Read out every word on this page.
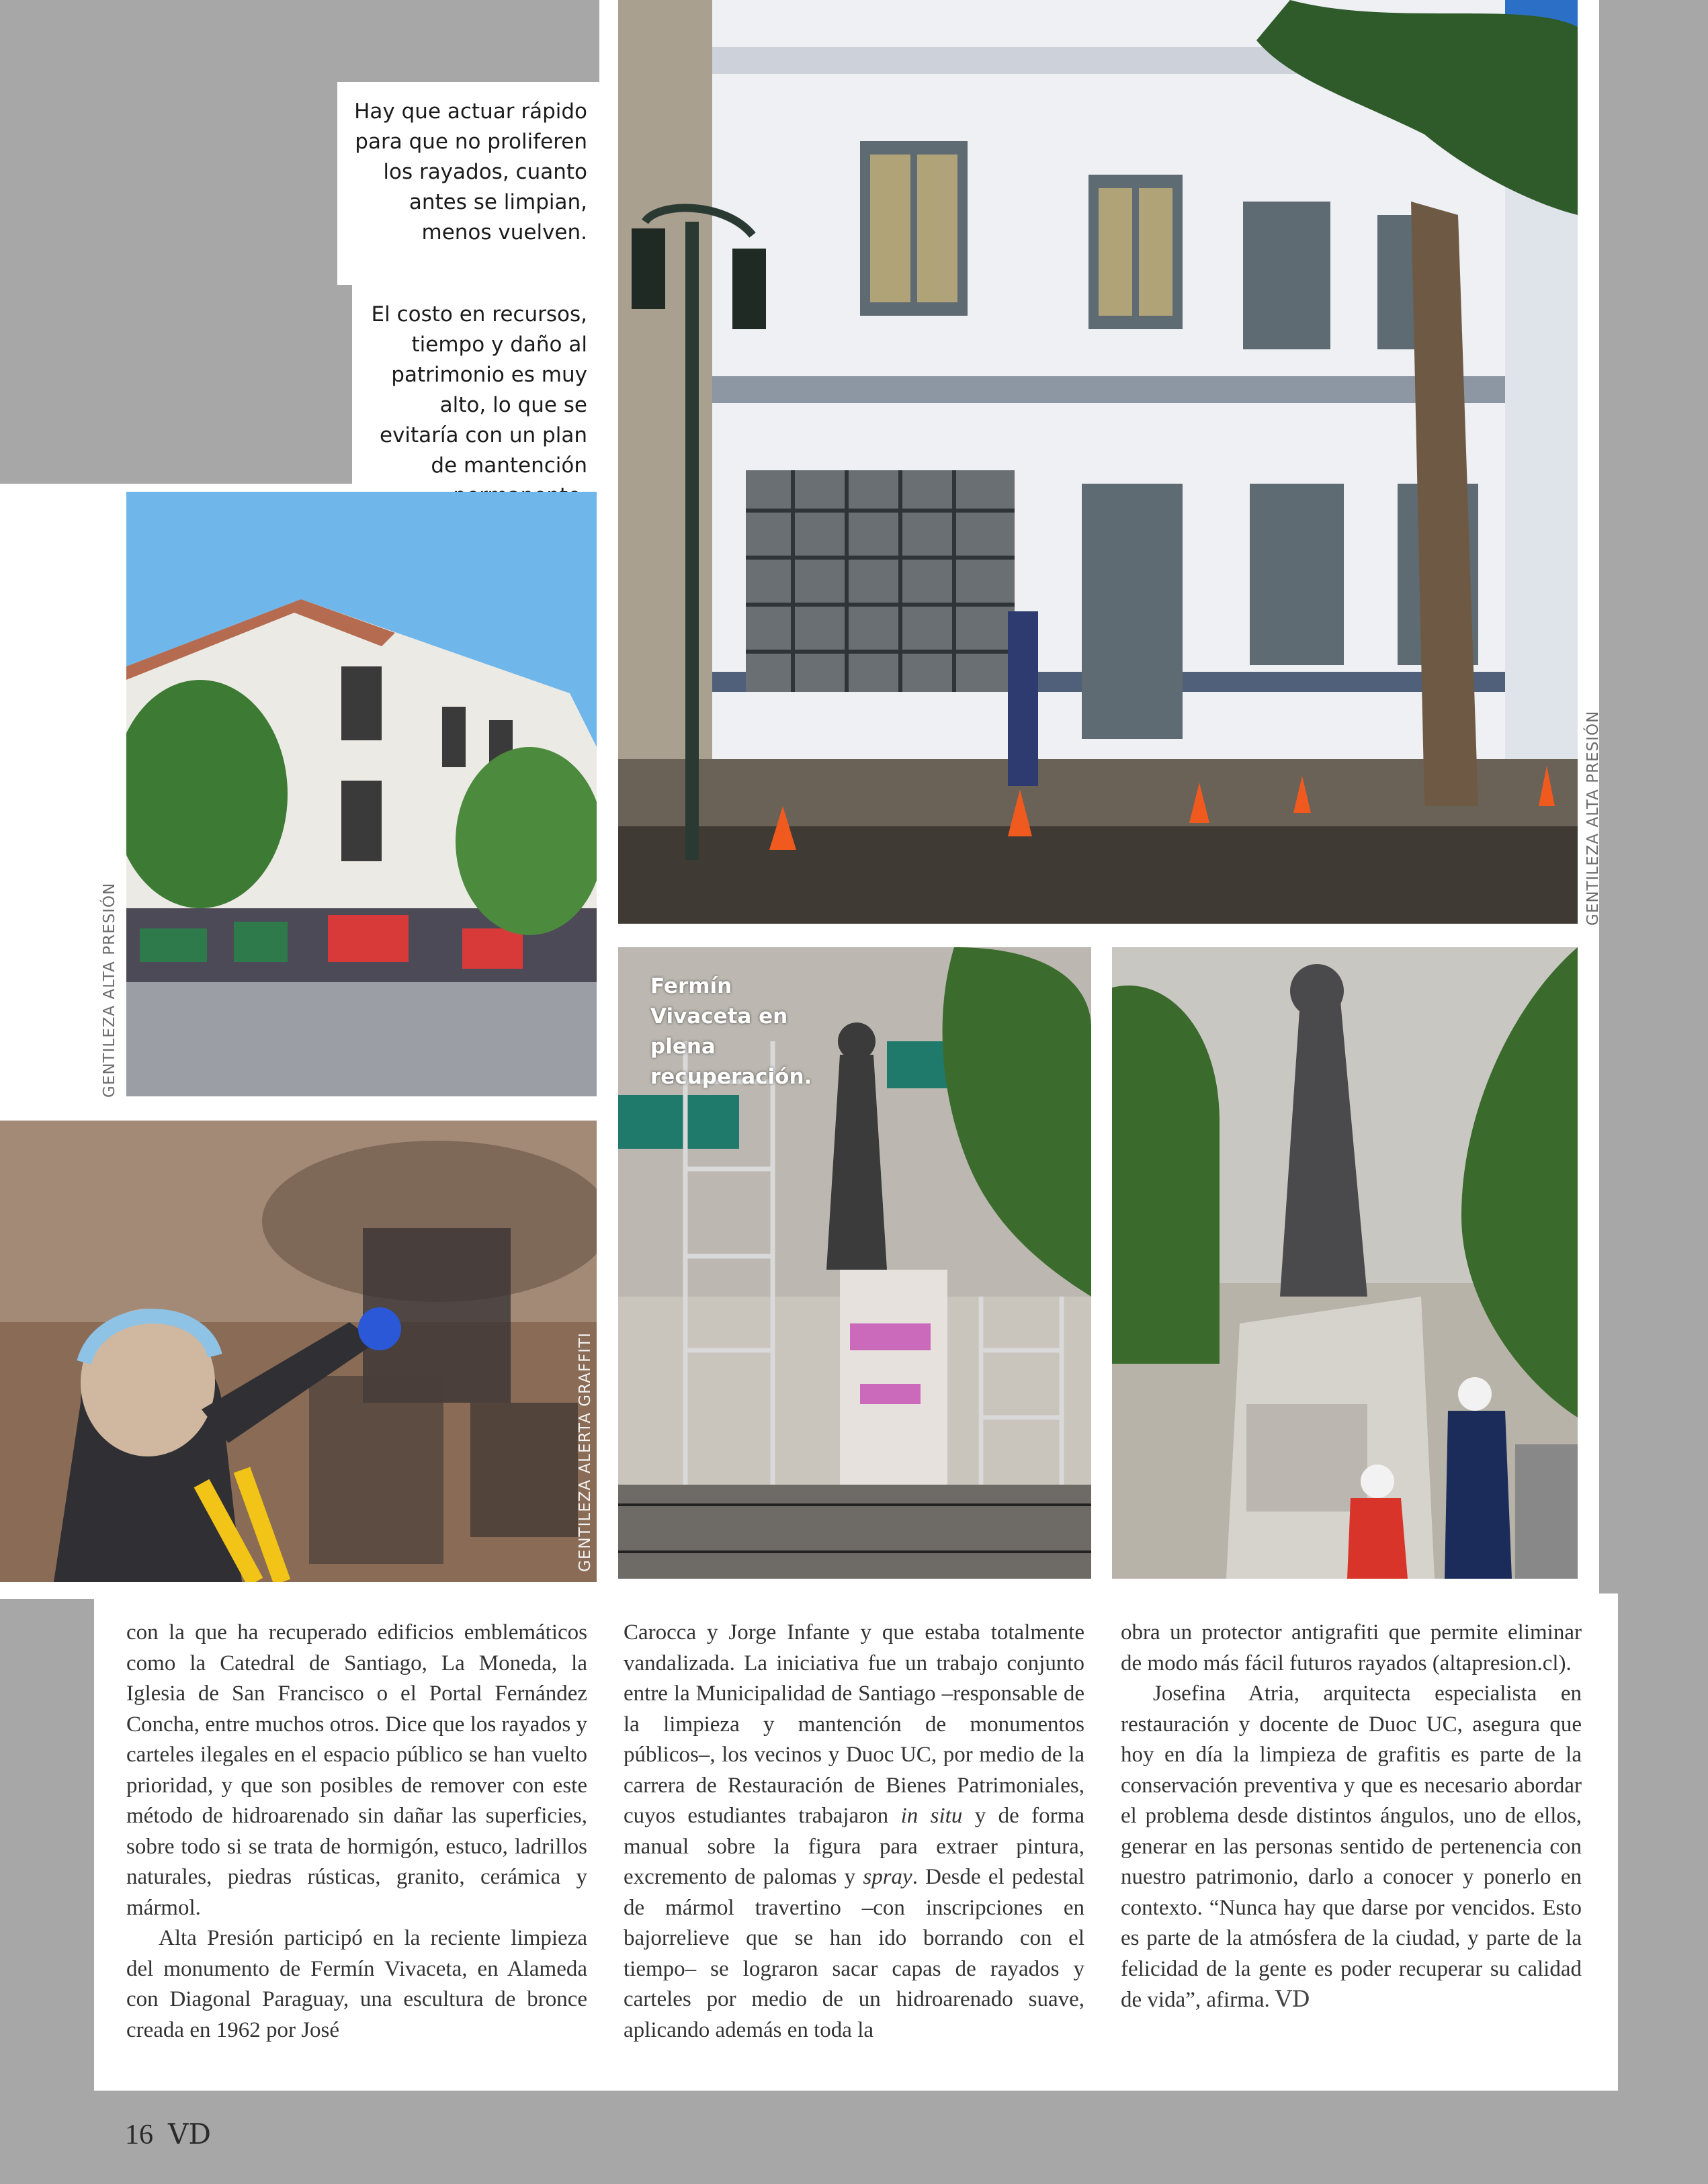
Hay que actuar rápido para que no proliferen los rayados, cuanto antes se limpian, menos vuelven.
El costo en recursos, tiempo y daño al patrimonio es muy alto, lo que se evitaría con un plan de mantención
GENTILEZA ALTA PRESIÓN
GENTILEZA ALTA PRESIÓN
GENTILEZA ALERTA GRAFFITI
Fermín Vivaceta en plena recuperación.

con la que ha recuperado edificios emblemáticos como la Catedral de Santiago, La Moneda, la Iglesia de San Francisco o el Portal Fernández Concha, entre muchos otros. Dice que los rayados y carteles ilegales en el espacio público se han vuelto prioridad, y que son posibles de remover con este método de hidroarenado sin dañar las superficies, sobre todo si se trata de hormigón, estuco, ladrillos naturales, piedras rústicas, granito, cerámica y mármol.

Alta Presión participó en la reciente limpieza del monumento de Fermín Vivaceta, en Alameda con Diagonal Paraguay, una escultura de bronce creada en 1962 por José

Carocca y Jorge Infante y que estaba totalmente vandalizada. La iniciativa fue un trabajo conjunto entre la Municipalidad de Santiago –responsable de la limpieza y mantención de monumentos públicos–, los vecinos y Duoc UC, por medio de la carrera de Restauración de Bienes Patrimoniales, cuyos estudiantes trabajaron in situ y de forma manual sobre la figura para extraer pintura, excremento de palomas y spray. Desde el pedestal de mármol travertino –con inscripciones en bajorrelieve que se han ido borrando con el tiempo– se lograron sacar capas de rayados y carteles por medio de un hidroarenado suave, aplicando además en toda la

obra un protector antigrafiti que permite eliminar de modo más fácil futuros rayados (altapresion.cl).

Josefina Atria, arquitecta especialista en restauración y docente de Duoc UC, asegura que hoy en día la limpieza de grafitis es parte de la conservación preventiva y que es necesario abordar el problema desde distintos ángulos, uno de ellos, generar en las personas sentido de pertenencia con nuestro patrimonio, darlo a conocer y ponerlo en contexto. “Nunca hay que darse por vencidos. Esto es parte de la atmósfera de la ciudad, y parte de la felicidad de la gente es poder recuperar su calidad de vida”, afirma. VD

16 VD
